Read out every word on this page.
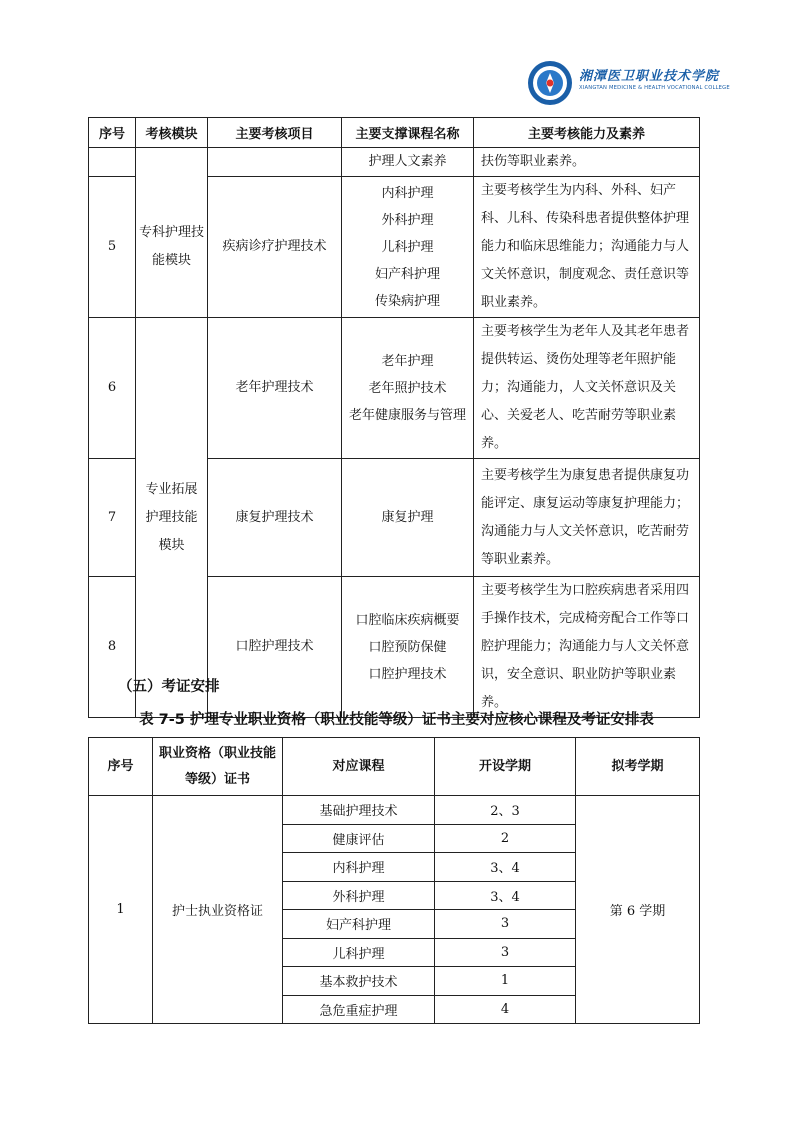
湘潭医卫职业技术学院
XIANGTAN MEDICINE & HEALTH VOCATIONAL COLLEGE
序号	考核模块	主要考核项目	主要支撑课程名称	主要考核能力及素养
			护理人文素养	扶伤等职业素养。
5	专科护理技能模块	疾病诊疗护理技术	内科护理
外科护理
儿科护理
妇产科护理
传染病护理	主要考核学生为内科、外科、妇产科、儿科、传染科患者提供整体护理能力和临床思维能力；沟通能力与人文关怀意识，制度观念、责任意识等职业素养。
6	专业拓展护理技能模块	老年护理技术	老年护理
老年照护技术
老年健康服务与管理	主要考核学生为老年人及其老年患者提供转运、烫伤处理等老年照护能力；沟通能力，人文关怀意识及关心、关爱老人、吃苦耐劳等职业素养。
7		康复护理技术	康复护理	主要考核学生为康复患者提供康复功能评定、康复运动等康复护理能力；沟通能力与人文关怀意识，吃苦耐劳等职业素养。
8		口腔护理技术	口腔临床疾病概要
口腔预防保健
口腔护理技术	主要考核学生为口腔疾病患者采用四手操作技术，完成椅旁配合工作等口腔护理能力；沟通能力与人文关怀意识，安全意识、职业防护等职业素养。
（五）考证安排
表 7-5 护理专业职业资格（职业技能等级）证书主要对应核心课程及考证安排表
序号	职业资格（职业技能等级）证书	对应课程	开设学期	拟考学期
1	护士执业资格证	基础护理技术	2、3	第 6 学期
		健康评估	2	
		内科护理	3、4	
		外科护理	3、4	
		妇产科护理	3	
		儿科护理	3	
		基本救护技术	1	
		急危重症护理	4	
